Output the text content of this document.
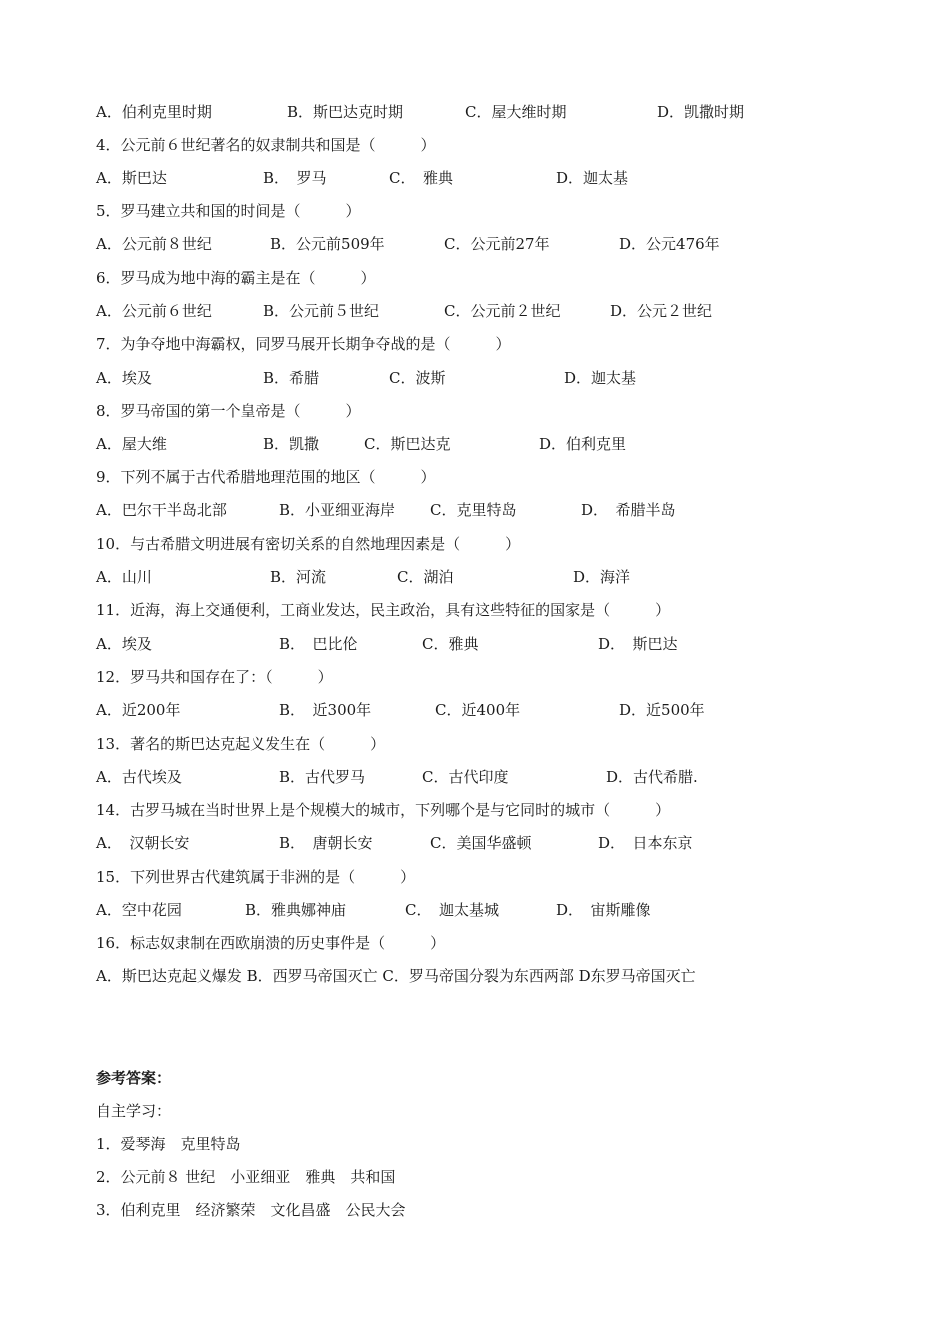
A．伯利克里时期

	B．斯巴达克时期

	C．屋大维时期

	D．凯撒时期

4．公元前６世纪著名的奴隶制共和国是（　　　）

A．斯巴达

	B．　罗马

	C．　雅典

	D．迦太基

5．罗马建立共和国的时间是（　　　）

A．公元前８世纪

	B．公元前509年

	C．公元前27年

	D．公元476年

6．罗马成为地中海的霸主是在（　　　）

A．公元前６世纪

	B．公元前５世纪

	C．公元前２世纪

	D．公元２世纪

7．为争夺地中海霸权，同罗马展开长期争夺战的是（　　　）

A．埃及

	B．希腊

	C．波斯

	D．迦太基

8．罗马帝国的第一个皇帝是（　　　）

A．屋大维

	B．凯撒

	C．斯巴达克

	D．伯利克里

9．下列不属于古代希腊地理范围的地区（　　　）

A．巴尔干半岛北部

	B．小亚细亚海岸

C．克里特岛

	D．　希腊半岛

10．与古希腊文明进展有密切关系的自然地理因素是（　　　）

A．山川

	B．河流

	C．湖泊

	D．海洋

11．近海，海上交通便利，工商业发达，民主政治，具有这些特征的国家是（　　　）

A．埃及

	B．　巴比伦

	C．雅典

	D．　斯巴达

12．罗马共和国存在了：（　　　）

A．近200年

	B．　近300年

	C．近400年

	D．近500年

13．著名的斯巴达克起义发生在（　　　）

A．古代埃及

	B．古代罗马

	C．古代印度

	D．古代希腊.

14．古罗马城在当时世界上是个规模大的城市，下列哪个是与它同时的城市（　　　）

A．　汉朝长安

	B．　唐朝长安

	C．美国华盛顿

	D．　日本东京

15．下列世界古代建筑属于非洲的是（　　　）

A．空中花园

	B．雅典娜神庙

	C．　迦太基城

	D．　宙斯雕像

16．标志奴隶制在西欧崩溃的历史事件是（　　　）

A．斯巴达克起义爆发 B．西罗马帝国灭亡 C．罗马帝国分裂为东西两部 D东罗马帝国灭亡

参考答案：
自主学习：
1．爱琴海　克里特岛
2．公元前８ 世纪　小亚细亚　雅典　共和国
3．伯利克里　经济繁荣　文化昌盛　公民大会
